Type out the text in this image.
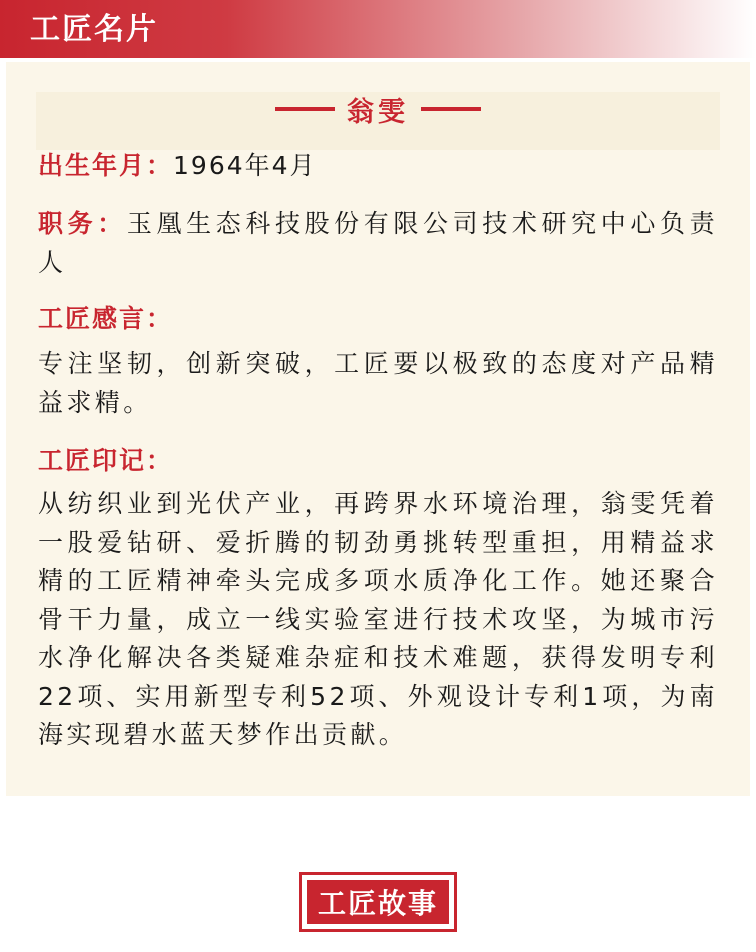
工匠名片
翁雯
出生年月：1964年4月
职务：玉凰生态科技股份有限公司技术研究中心负责人
工匠感言：
专注坚韧，创新突破，工匠要以极致的态度对产品精益求精。
工匠印记：
从纺织业到光伏产业，再跨界水环境治理，翁雯凭着一股爱钻研、爱折腾的韧劲勇挑转型重担，用精益求精的工匠精神牵头完成多项水质净化工作。她还聚合骨干力量，成立一线实验室进行技术攻坚，为城市污水净化解决各类疑难杂症和技术难题，获得发明专利22项、实用新型专利52项、外观设计专利1项，为南海实现碧水蓝天梦作出贡献。
工匠故事
